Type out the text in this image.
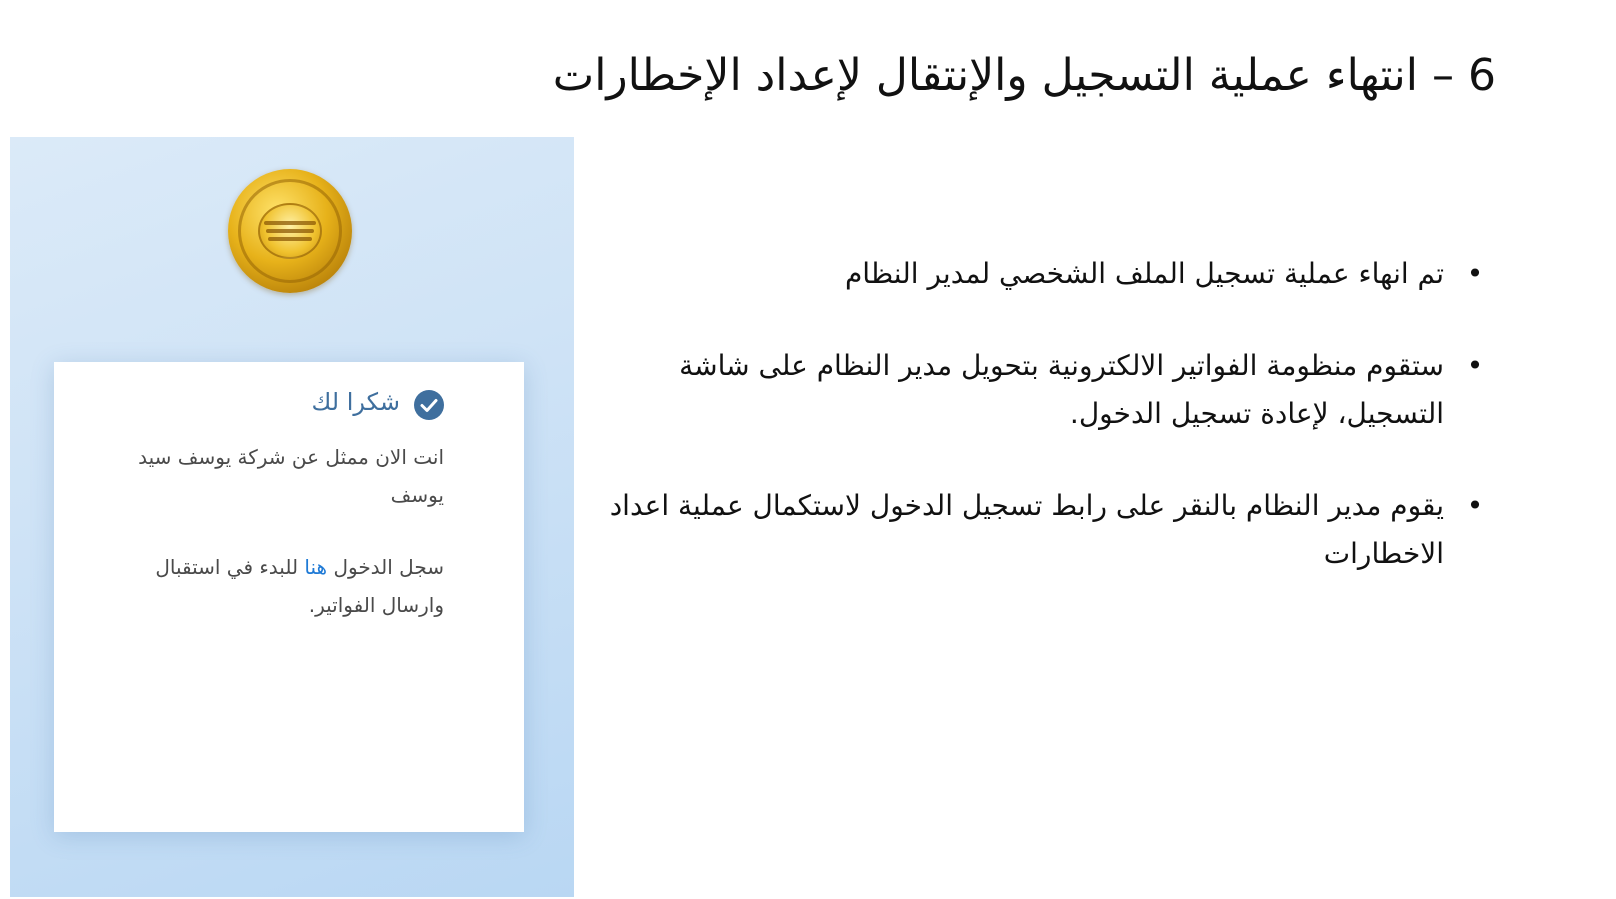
6 – انتهاء عملية التسجيل والإنتقال لإعداد الإخطارات
شكرا لك
انت الان ممثل عن شركة يوسف سيد يوسف
سجل الدخول هنا للبدء في استقبال وارسال الفواتير.
•
تم انهاء عملية تسجيل الملف الشخصي لمدير النظام
•
ستقوم منظومة الفواتير الالكترونية بتحويل مدير النظام على شاشة التسجيل، لإعادة تسجيل الدخول.
•
يقوم مدير النظام بالنقر على رابط تسجيل الدخول لاستكمال عملية اعداد الاخطارات
